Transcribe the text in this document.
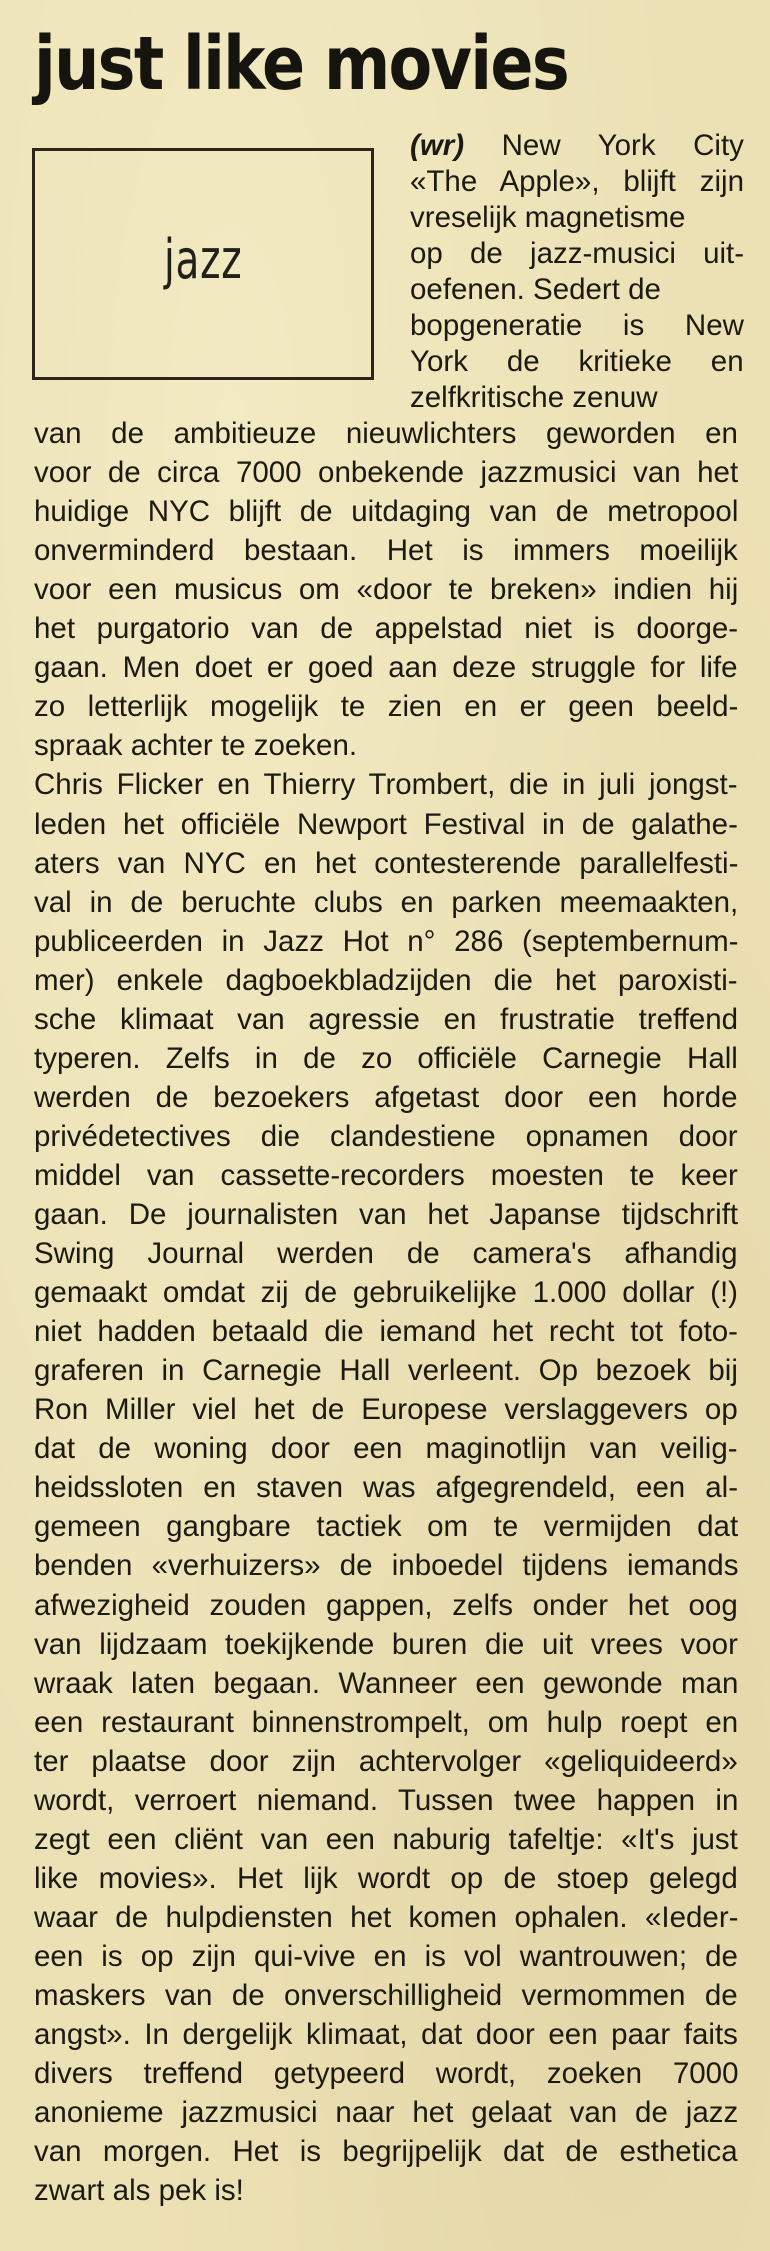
just like movies
jazz
(wr) New York City
«The Apple», blijft zijn
vreselijk magnetisme
op de jazz-musici uit-
oefenen. Sedert de
bopgeneratie is New
York de kritieke en
zelfkritische zenuw
van de ambitieuze nieuwlichters geworden en
voor de circa 7000 onbekende jazzmusici van het
huidige NYC blijft de uitdaging van de metropool
onverminderd bestaan. Het is immers moeilijk
voor een musicus om «door te breken» indien hij
het purgatorio van de appelstad niet is doorge-
gaan. Men doet er goed aan deze struggle for life
zo letterlijk mogelijk te zien en er geen beeld-
spraak achter te zoeken.
Chris Flicker en Thierry Trombert, die in juli jongst-
leden het officiële Newport Festival in de galathe-
aters van NYC en het contesterende parallelfesti-
val in de beruchte clubs en parken meemaakten,
publiceerden in Jazz Hot n° 286 (septembernum-
mer) enkele dagboekbladzijden die het paroxisti-
sche klimaat van agressie en frustratie treffend
typeren. Zelfs in de zo officiële Carnegie Hall
werden de bezoekers afgetast door een horde
privédetectives die clandestiene opnamen door
middel van cassette-recorders moesten te keer
gaan. De journalisten van het Japanse tijdschrift
Swing Journal werden de camera's afhandig
gemaakt omdat zij de gebruikelijke 1.000 dollar (!)
niet hadden betaald die iemand het recht tot foto-
graferen in Carnegie Hall verleent. Op bezoek bij
Ron Miller viel het de Europese verslaggevers op
dat de woning door een maginotlijn van veilig-
heidssloten en staven was afgegrendeld, een al-
gemeen gangbare tactiek om te vermijden dat
benden «verhuizers» de inboedel tijdens iemands
afwezigheid zouden gappen, zelfs onder het oog
van lijdzaam toekijkende buren die uit vrees voor
wraak laten begaan. Wanneer een gewonde man
een restaurant binnenstrompelt, om hulp roept en
ter plaatse door zijn achtervolger «geliquideerd»
wordt, verroert niemand. Tussen twee happen in
zegt een cliënt van een naburig tafeltje: «It's just
like movies». Het lijk wordt op de stoep gelegd
waar de hulpdiensten het komen ophalen. «Ieder-
een is op zijn qui-vive en is vol wantrouwen; de
maskers van de onverschilligheid vermommen de
angst». In dergelijk klimaat, dat door een paar faits
divers treffend getypeerd wordt, zoeken 7000
anonieme jazzmusici naar het gelaat van de jazz
van morgen. Het is begrijpelijk dat de esthetica
zwart als pek is!
